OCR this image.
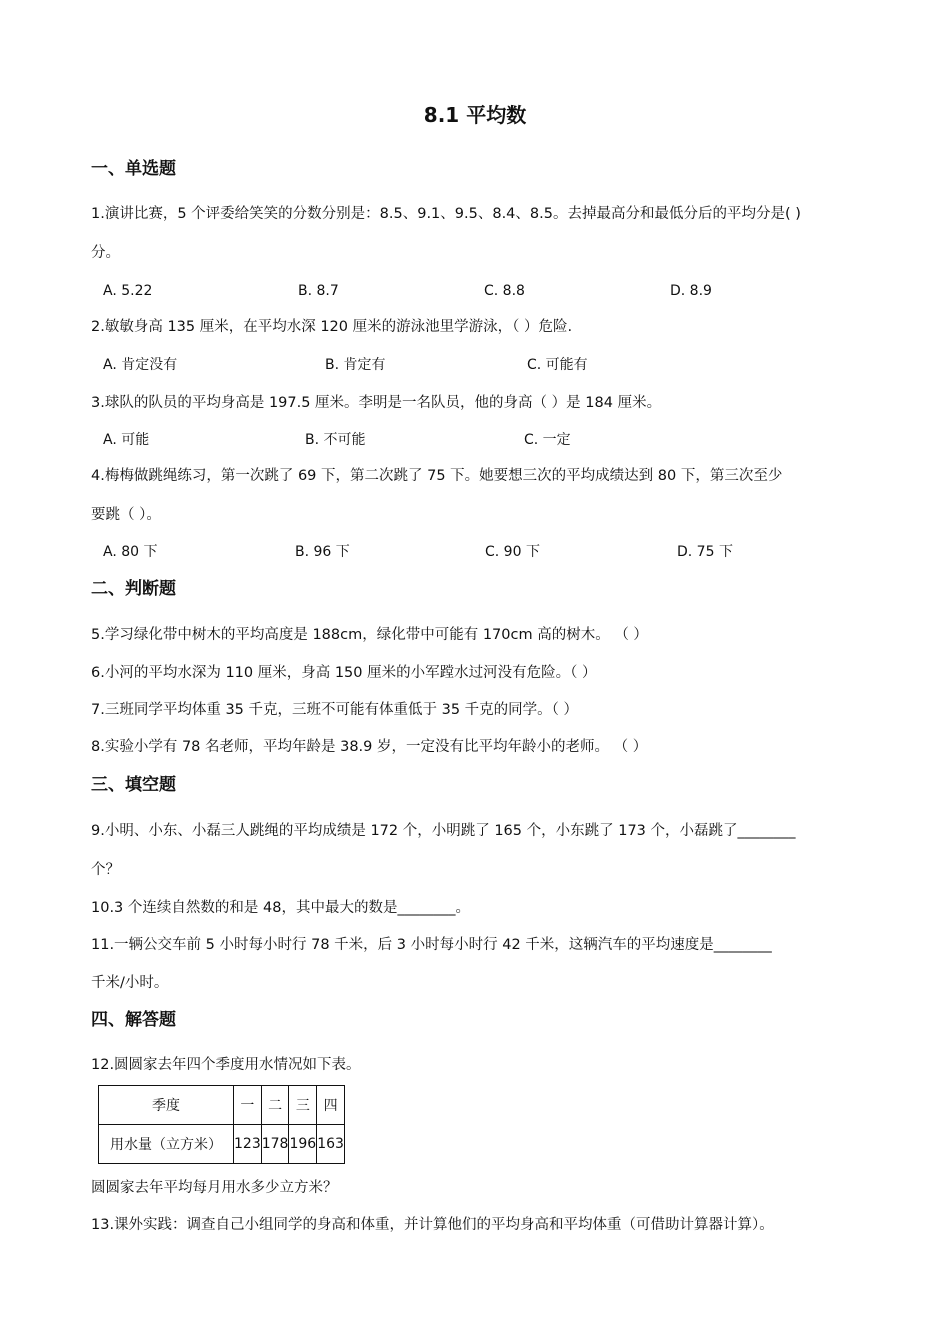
8.1 平均数
一、单选题
1.演讲比赛，5 个评委给笑笑的分数分别是：8.5、9.1、9.5、8.4、8.5。去掉最高分和最低分后的平均分是( )
分。
A. 5.22	B. 8.7	C. 8.8	D. 8.9
2.敏敏身高 135 厘米，在平均水深 120 厘米的游泳池里学游泳，（ ）危险.
A. 肯定没有	B. 肯定有	C. 可能有
3.球队的队员的平均身高是 197.5 厘米。李明是一名队员，他的身高（ ）是 184 厘米。
A. 可能	B. 不可能	C. 一定
4.梅梅做跳绳练习，第一次跳了 69 下，第二次跳了 75 下。她要想三次的平均成绩达到 80 下，第三次至少
要跳（ ）。
A. 80 下	B. 96 下	C. 90 下	D. 75 下
二、判断题
5.学习绿化带中树木的平均高度是 188cm，绿化带中可能有 170cm 高的树木。 （ ）
6.小河的平均水深为 110 厘米，身高 150 厘米的小军蹚水过河没有危险。（ ）
7.三班同学平均体重 35 千克，三班不可能有体重低于 35 千克的同学。（ ）
8.实验小学有 78 名老师，平均年龄是 38.9 岁，一定没有比平均年龄小的老师。 （ ）
三、填空题
9.小明、小东、小磊三人跳绳的平均成绩是 172 个，小明跳了 165 个，小东跳了 173 个，小磊跳了________
个？
10.3 个连续自然数的和是 48，其中最大的数是________。
11.一辆公交车前 5 小时每小时行 78 千米，后 3 小时每小时行 42 千米，这辆汽车的平均速度是________
千米/小时。
四、解答题
12.圆圆家去年四个季度用水情况如下表。
季度	一	二	三	四
用水量（立方米）	123	178	196	163
圆圆家去年平均每月用水多少立方米？
13.课外实践：调查自己小组同学的身高和体重，并计算他们的平均身高和平均体重（可借助计算器计算）。
